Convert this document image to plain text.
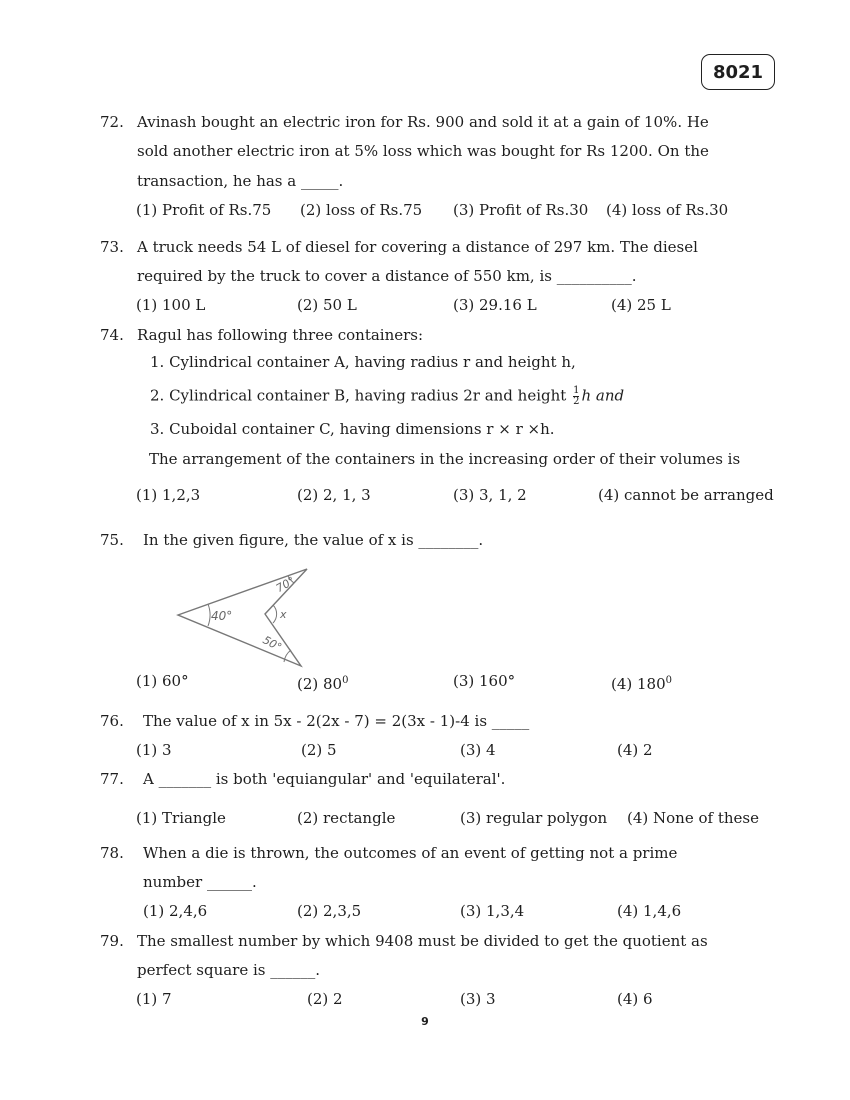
8021
72. Avinash bought an electric iron for Rs. 900 and sold it at a gain of 10%. He
sold another electric iron at 5% loss which was bought for Rs 1200. On the
transaction, he has a _____.
(1) Profit of Rs.75 (2) loss of Rs.75 (3) Profit of Rs.30 (4) loss of Rs.30
73. A truck needs 54 L of diesel for covering a distance of 297 km. The diesel
required by the truck to cover a distance of 550 km, is __________.
(1) 100 L	(2) 50 L	(3) 29.16 L	(4) 25 L
74. Ragul has following three containers:
1. Cylindrical container A, having radius r and height h,
2. Cylindrical container B, having radius 2r and height $\frac{1}{2}$ h and
3. Cuboidal container C, having dimensions r × r ×h.
The arrangement of the containers in the increasing order of their volumes is
(1) 1,2,3	(2) 2, 1, 3	(3) 3, 1, 2	(4) cannot be arranged
75. In the given figure, the value of x is ________.
70°
40°	x
50°
(1) 60°	(2) $80^0$	(3) 160°	(4) $180^0$
76. The value of x in 5x - 2(2x - 7) = 2(3x - 1)-4 is _____
(1) 3	(2) 5	(3) 4	(4) 2
77. A _______ is both 'equiangular' and 'equilateral'.
(1) Triangle	(2) rectangle	(3) regular polygon (4) None of these
78. When a die is thrown, the outcomes of an event of getting not a prime
number ______.
(1) 2,4,6	(2) 2,3,5	(3) 1,3,4	(4) 1,4,6
79. The smallest number by which 9408 must be divided to get the quotient as
perfect square is ______.
(1) 7	(2) 2	(3) 3	(4) 6
9
